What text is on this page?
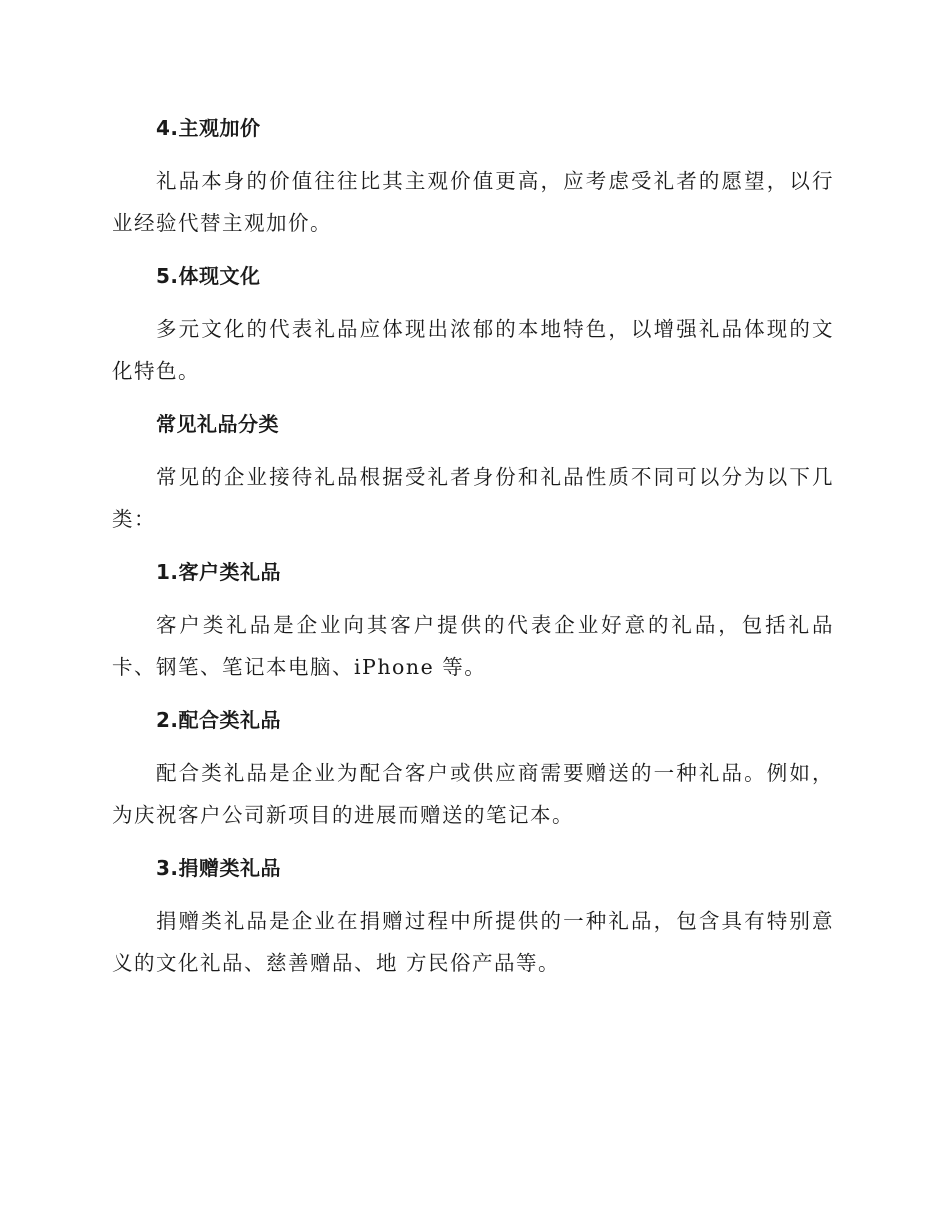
4.主观加价

礼品本身的价值往往比其主观价值更高，应考虑受礼者的愿望，以行业经验代替主观加价。

5.体现文化

多元文化的代表礼品应体现出浓郁的本地特色，以增强礼品体现的文化特色。

常见礼品分类

常见的企业接待礼品根据受礼者身份和礼品性质不同可以分为以下几类：

1.客户类礼品

客户类礼品是企业向其客户提供的代表企业好意的礼品，包括礼品卡、钢笔、笔记本电脑、iPhone 等。

2.配合类礼品

配合类礼品是企业为配合客户或供应商需要赠送的一种礼品。例如，为庆祝客户公司新项目的进展而赠送的笔记本。

3.捐赠类礼品

捐赠类礼品是企业在捐赠过程中所提供的一种礼品，包含具有特别意义的文化礼品、慈善赠品、地 方民俗产品等。
